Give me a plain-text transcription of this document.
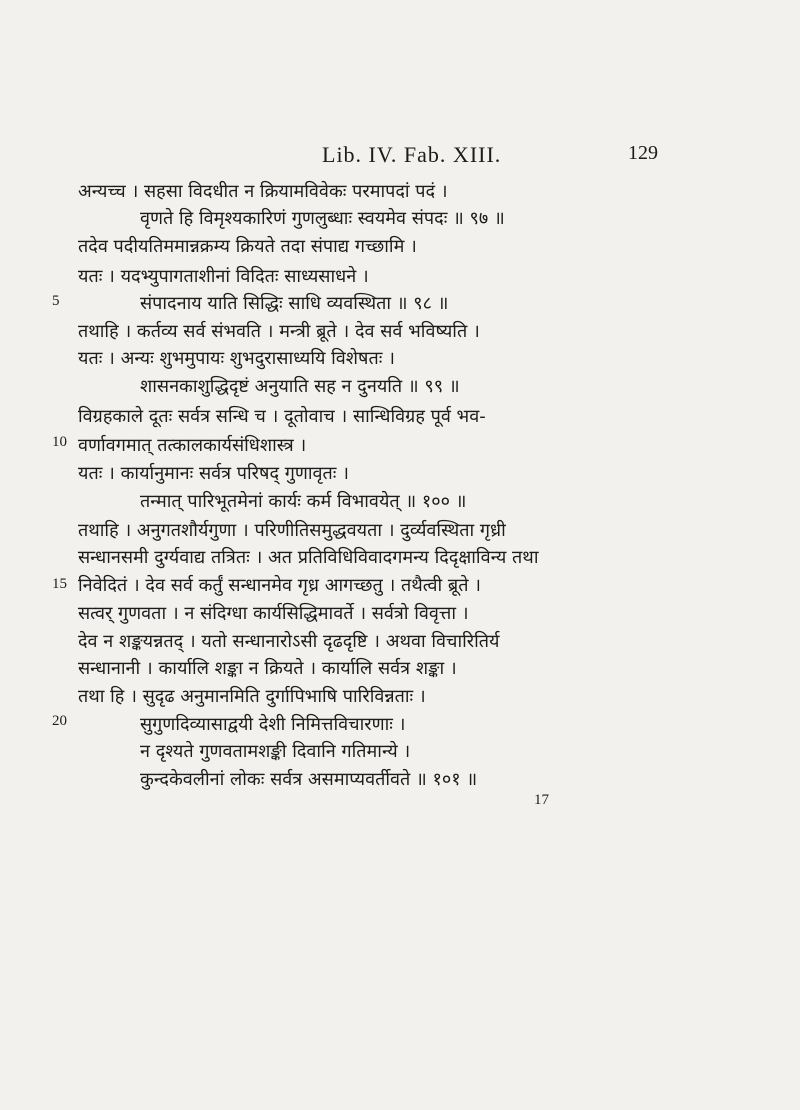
Lib. IV. Fab. XIII.	129
अन्यच्च । सहसा विदधीत न क्रियामविवेकः परमापदां पदं ।
वृणते हि विमृश्यकारिणं गुणलुब्धाः स्वयमेव संपदः ॥ ९७ ॥
तदेव पदीयतिममान्नक्रम्य क्रियते तदा संपाद्य गच्छामि ।
यतः । यदभ्युपागताशीनां विदितः साध्यसाधने ।
संपादनाय याति सिद्धिः साधि व्यवस्थिता ॥ ९८ ॥
तथाहि । कर्तव्य सर्व संभवति । मन्त्री ब्रूते । देव सर्व भविष्यति ।
यतः । अन्यः शुभमुपायः शुभदुरासाध्ययि विशेषतः ।
शासनकाशुद्धिदृष्टं अनुयाति सह न दुनयति ॥ ९९ ॥
विग्रहकाले दूतः सर्वत्र सन्धि च । दूतोवाच । सान्धिविग्रह पूर्व भव-
वर्णावगमात् तत्कालकार्यसंधिशास्त्र ।
यतः । कार्यानुमानः सर्वत्र परिषद् गुणावृतः ।
तन्मात् पारिभूतमेनां कार्यः कर्म विभावयेत् ॥ १०० ॥
तथाहि । अनुगतशौर्यगुणा । परिणीतिसमुद्धवयता । दुर्व्यवस्थिता गृध्री
सन्धानसमी दुर्ग्यवाद्य तत्रितः । अत प्रतिविधिविवादगमन्य दिदृक्षाविन्य तथा
निवेदितं । देव सर्व कर्तुं सन्धानमेव गृध्र आगच्छतु । तथैत्वी ब्रूते ।
सत्वर् गुणवता । न संदिग्धा कार्यसिद्धिमावर्ते । सर्वत्रो विवृत्ता ।
देव न शङ्कयन्नतद् । यतो सन्धानारोऽसी दृढदृष्टि । अथवा विचारितिर्य
सन्धानानी । कार्यालि शङ्का न क्रियते । कार्यालि सर्वत्र शङ्का ।
तथा हि । सुदृढ अनुमानमिति दुर्गापिभाषि पारिविन्नताः ।
सुगुणदिव्यासाद्वयी देशी निमित्तविचारणाः ।
न दृश्यते गुणवतामशङ्की दिवानि गतिमान्ये ।
कुन्दकेवलीनां लोकः सर्वत्र असमाप्यवर्तीवते ॥ १०१ ॥
5
10
15
20
17
